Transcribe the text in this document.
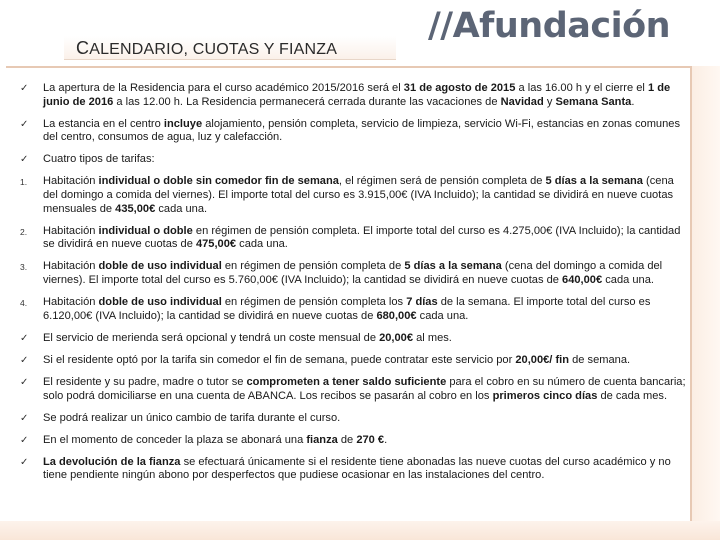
CALENDARIO, CUOTAS Y FIANZA
//Afundación
✓ La apertura de la Residencia para el curso académico 2015/2016 será el 31 de agosto de 2015 a las 16.00 h y el cierre el 1 de junio de 2016 a las 12.00 h. La Residencia permanecerá cerrada durante las vacaciones de Navidad y Semana Santa.
✓ La estancia en el centro incluye alojamiento, pensión completa, servicio de limpieza, servicio Wi-Fi, estancias en zonas comunes del centro, consumos de agua, luz y calefacción.
✓ Cuatro tipos de tarifas:
1. Habitación individual o doble sin comedor fin de semana, el régimen será de pensión completa de 5 días a la semana (cena del domingo a comida del viernes). El importe total del curso es 3.915,00€ (IVA Incluido); la cantidad se dividirá en nueve cuotas mensuales de 435,00€ cada una.
2. Habitación individual o doble en régimen de pensión completa. El importe total del curso es 4.275,00€ (IVA Incluido); la cantidad se dividirá en nueve cuotas de 475,00€ cada una.
3. Habitación doble de uso individual en régimen de pensión completa de 5 días a la semana (cena del domingo a comida del viernes). El importe total del curso es 5.760,00€ (IVA Incluido); la cantidad se dividirá en nueve cuotas de 640,00€ cada una.
4. Habitación doble de uso individual en régimen de pensión completa los 7 días de la semana. El importe total del curso es 6.120,00€ (IVA Incluido); la cantidad se dividirá en nueve cuotas de 680,00€ cada una.
✓ El servicio de merienda será opcional y tendrá un coste mensual de 20,00€ al mes.
✓ Si el residente optó por la tarifa sin comedor el fin de semana, puede contratar este servicio por 20,00€/ fin de semana.
✓ El residente y su padre, madre o tutor se comprometen a tener saldo suficiente para el cobro en su número de cuenta bancaria; solo podrá domiciliarse en una cuenta de ABANCA. Los recibos se pasarán al cobro en los primeros cinco días de cada mes.
✓ Se podrá realizar un único cambio de tarifa durante el curso.
✓ En el momento de conceder la plaza se abonará una fianza de 270 €.
✓ La devolución de la fianza se efectuará únicamente si el residente tiene abonadas las nueve cuotas del curso académico y no tiene pendiente ningún abono por desperfectos que pudiese ocasionar en las instalaciones del centro.
